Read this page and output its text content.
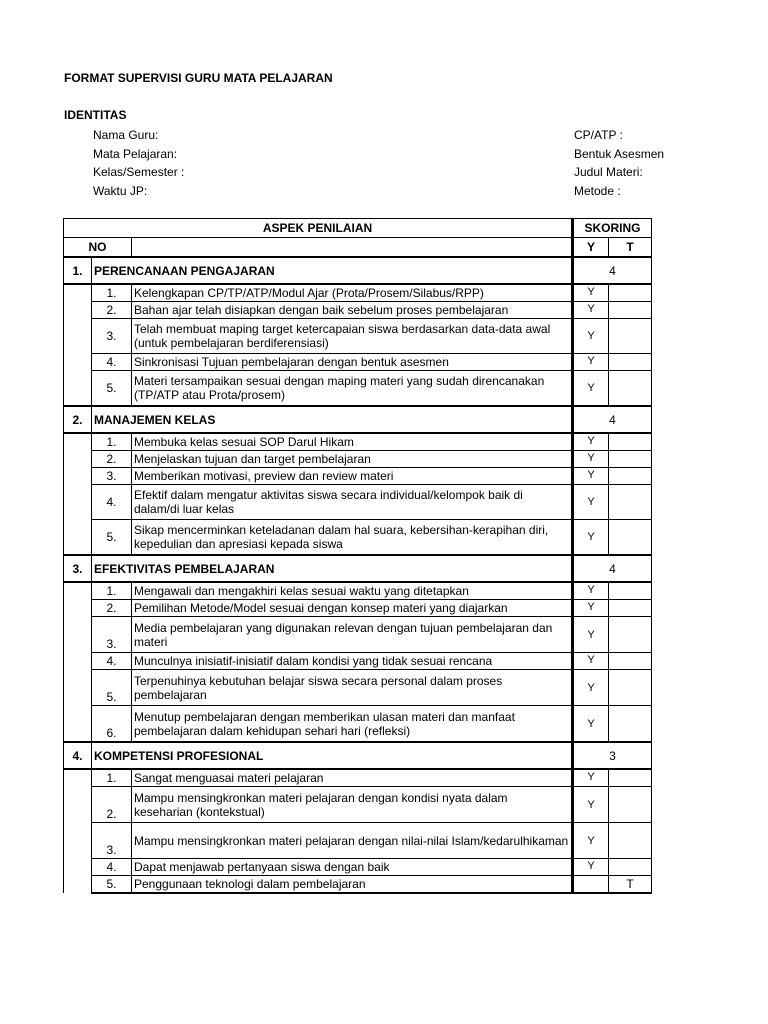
FORMAT SUPERVISI GURU MATA PELAJARAN
IDENTITAS
Nama Guru:
Mata Pelajaran:
Kelas/Semester :
Waktu JP:
CP/ATP :
Bentuk Asesmen
Judul Materi:
Metode :
ASPEK PENILAIAN			SKORING	
NO			Y	T
1.	PERENCANAAN PENGAJARAN		4	
	1.	Kelengkapan CP/TP/ATP/Modul Ajar (Prota/Prosem/Silabus/RPP)	Y	
	2.	Bahan ajar telah disiapkan dengan baik sebelum proses pembelajaran	Y	
	3.	Telah membuat maping target ketercapaian siswa berdasarkan data-data awal (untuk pembelajaran berdiferensiasi)	Y	
	4.	Sinkronisasi Tujuan pembelajaran dengan bentuk asesmen	Y	
	5.	Materi tersampaikan sesuai dengan maping materi yang sudah direncanakan (TP/ATP atau Prota/prosem)	Y	
2.	MANAJEMEN KELAS		4	
	1.	Membuka kelas sesuai SOP Darul Hikam	Y	
	2.	Menjelaskan tujuan dan target pembelajaran	Y	
	3.	Memberikan motivasi, preview dan review materi	Y	
	4.	Efektif dalam mengatur aktivitas siswa secara individual/kelompok baik di dalam/di luar kelas	Y	
	5.	Sikap mencerminkan keteladanan dalam hal suara, kebersihan-kerapihan diri, kepedulian dan apresiasi kepada siswa	Y	
3.	EFEKTIVITAS PEMBELAJARAN		4	
	1.	Mengawali dan mengakhiri kelas sesuai waktu yang ditetapkan	Y	
	2.	Pemilihan Metode/Model sesuai dengan konsep materi yang diajarkan	Y	
	3.	Media pembelajaran yang digunakan relevan dengan tujuan pembelajaran dan materi	Y	
	4.	Munculnya inisiatif-inisiatif dalam kondisi yang tidak sesuai rencana	Y	
	5.	Terpenuhinya kebutuhan belajar siswa secara personal dalam proses pembelajaran	Y	
	6.	Menutup pembelajaran dengan memberikan ulasan materi dan manfaat pembelajaran dalam kehidupan sehari hari (refleksi)	Y	
4.	KOMPETENSI PROFESIONAL		3	
	1.	Sangat menguasai materi pelajaran	Y	
	2.	Mampu mensingkronkan materi pelajaran dengan kondisi nyata dalam keseharian (kontekstual)	Y	
	3.	Mampu mensingkronkan materi pelajaran dengan nilai-nilai Islam/kedarulhikaman	Y	
	4.	Dapat menjawab pertanyaan siswa dengan baik	Y	
	5.	Penggunaan teknologi dalam pembelajaran		T
